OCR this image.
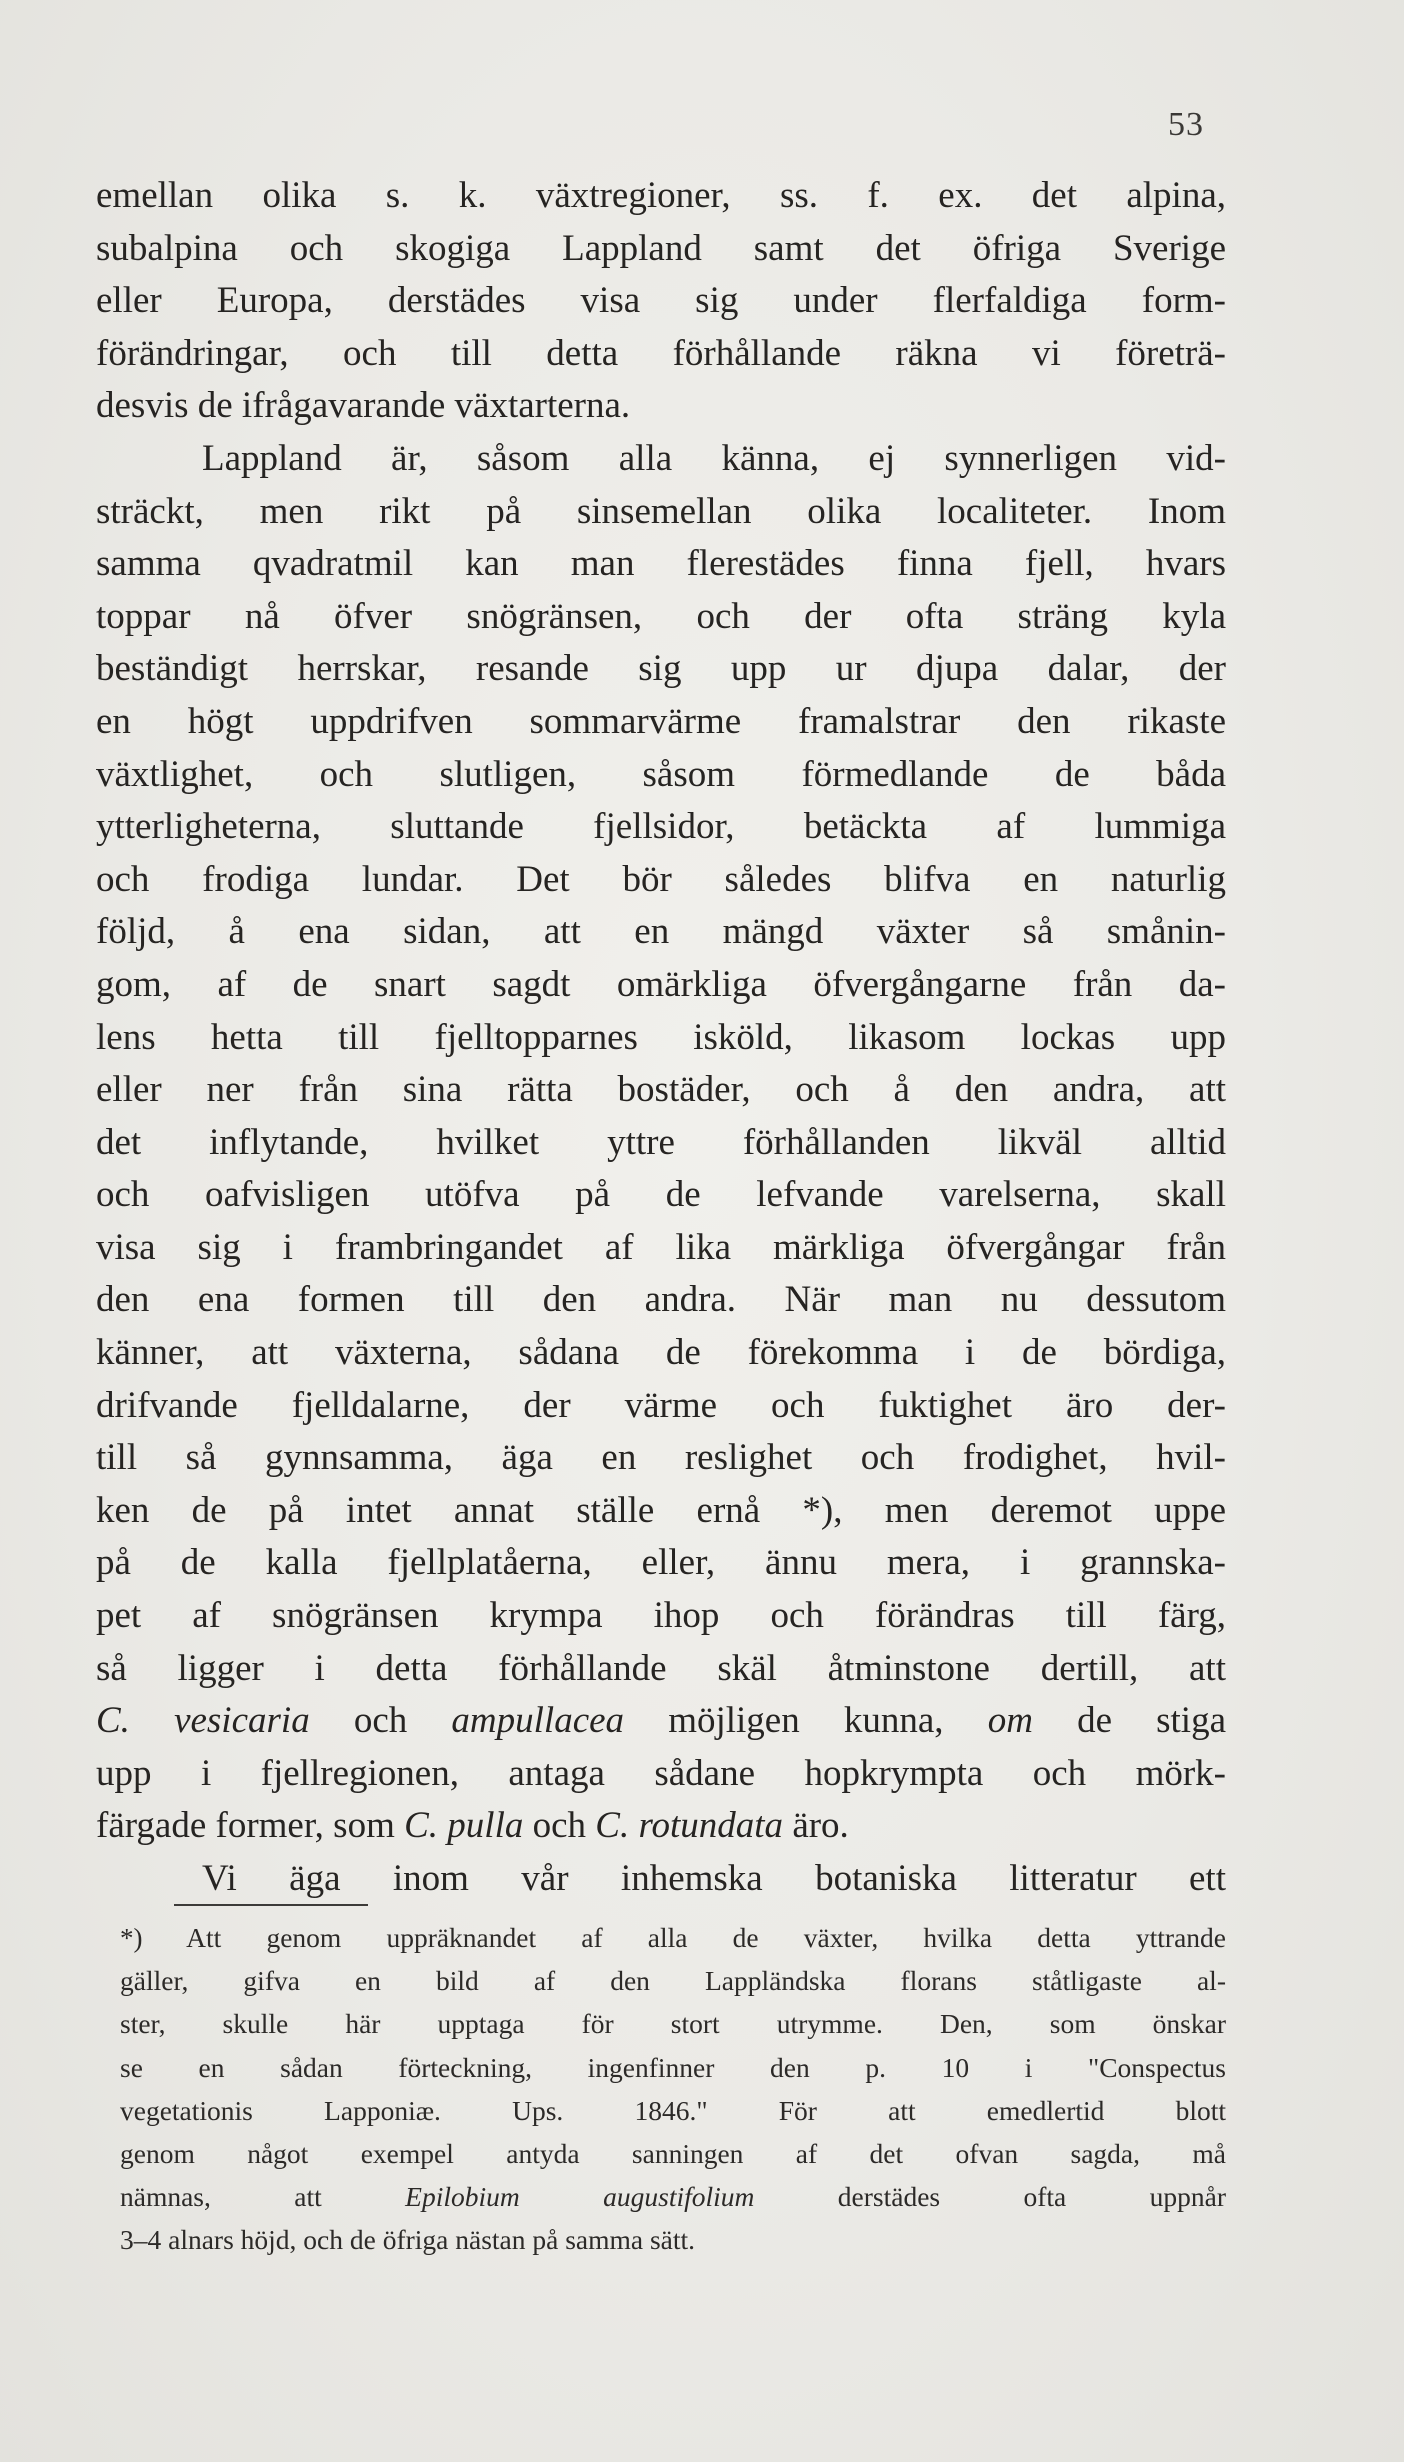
53
emellan olika s. k. växtregioner, ss. f. ex. det alpina,
subalpina och skogiga Lappland samt det öfriga Sverige
eller Europa, derstädes visa sig under flerfaldiga form-
förändringar, och till detta förhållande räkna vi företrä-
desvis de ifrågavarande växtarterna.
Lappland är, såsom alla känna, ej synnerligen vid-
sträckt, men rikt på sinsemellan olika localiteter. Inom
samma qvadratmil kan man flerestädes finna fjell, hvars
toppar nå öfver snögränsen, och der ofta sträng kyla
beständigt herrskar, resande sig upp ur djupa dalar, der
en högt uppdrifven sommarvärme framalstrar den rikaste
växtlighet, och slutligen, såsom förmedlande de båda
ytterligheterna, sluttande fjellsidor, betäckta af lummiga
och frodiga lundar. Det bör således blifva en naturlig
följd, å ena sidan, att en mängd växter så smånin-
gom, af de snart sagdt omärkliga öfvergångarne från da-
lens hetta till fjelltopparnes isköld, likasom lockas upp
eller ner från sina rätta bostäder, och å den andra, att
det inflytande, hvilket yttre förhållanden likväl alltid
och oafvisligen utöfva på de lefvande varelserna, skall
visa sig i frambringandet af lika märkliga öfvergångar från
den ena formen till den andra. När man nu dessutom
känner, att växterna, sådana de förekomma i de bördiga,
drifvande fjelldalarne, der värme och fuktighet äro der-
till så gynnsamma, äga en reslighet och frodighet, hvil-
ken de på intet annat ställe ernå *), men deremot uppe
på de kalla fjellplatåerna, eller, ännu mera, i grannska-
pet af snögränsen krympa ihop och förändras till färg,
så ligger i detta förhållande skäl åtminstone dertill, att
C. vesicaria och ampullacea möjligen kunna, om de stiga
upp i fjellregionen, antaga sådane hopkrympta och mörk-
färgade former, som C. pulla och C. rotundata äro.
Vi äga inom vår inhemska botaniska litteratur ett
*) Att genom uppräknandet af alla de växter, hvilka detta yttrande
gäller, gifva en bild af den Lappländska florans ståtligaste al-
ster, skulle här upptaga för stort utrymme. Den, som önskar
se en sådan förteckning, ingenfinner den p. 10 i "Conspectus
vegetationis Lapponiæ. Ups. 1846." För att emedlertid blott
genom något exempel antyda sanningen af det ofvan sagda, må
nämnas, att	Epilobium augustifolium	derstädes ofta uppnår
3–4 alnars höjd, och de öfriga nästan på samma sätt.
